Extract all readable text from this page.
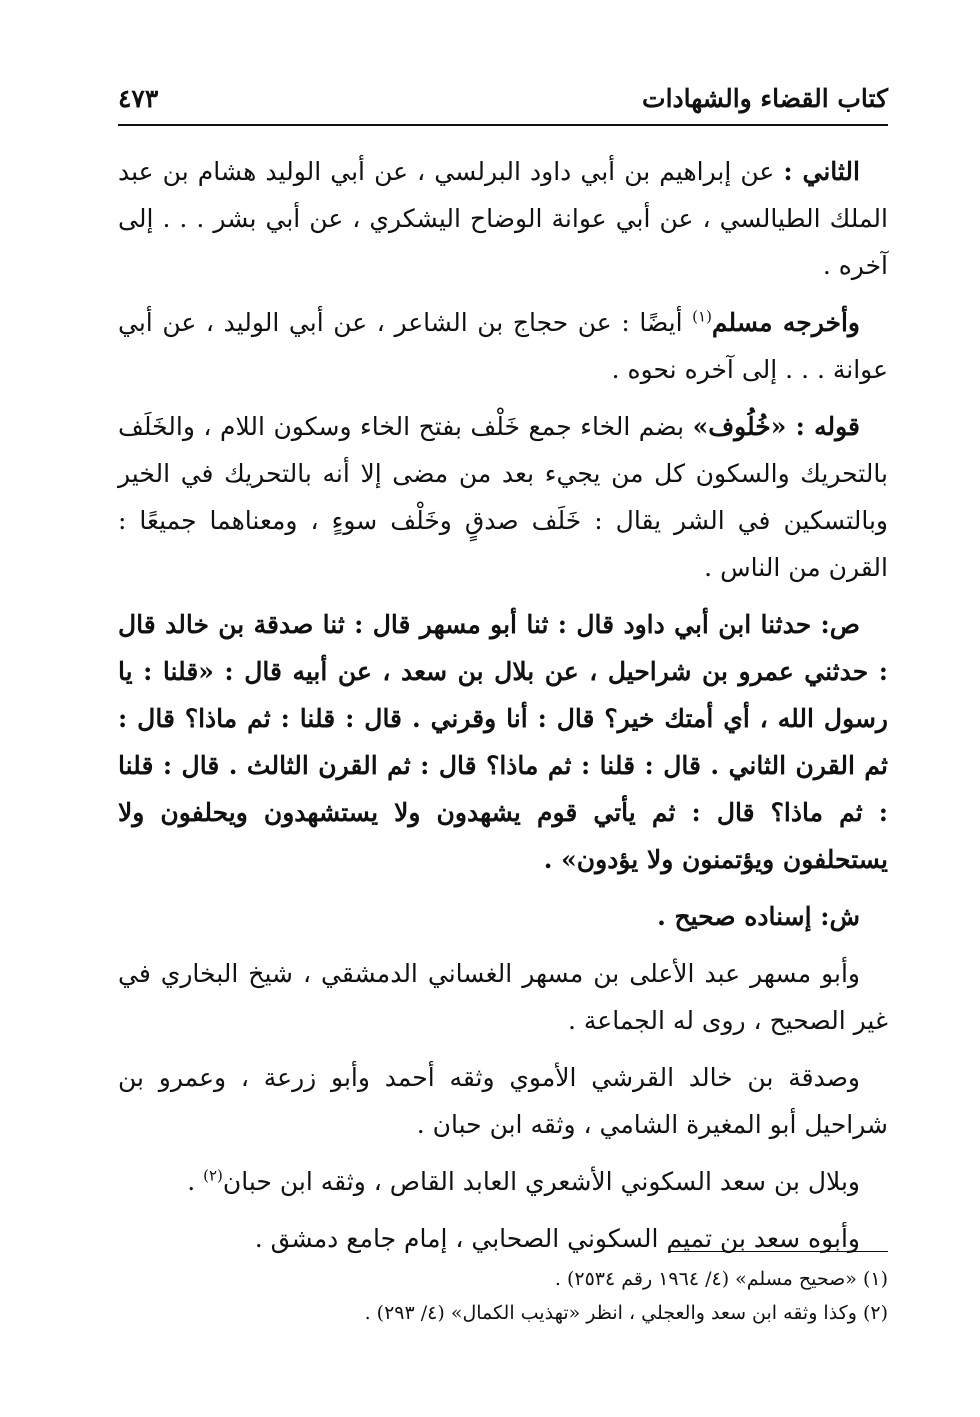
كتاب القضاء والشهادات
٤٧٣

الثاني : عن إبراهيم بن أبي داود البرلسي ، عن أبي الوليد هشام بن عبد الملك الطيالسي ، عن أبي عوانة الوضاح اليشكري ، عن أبي بشر . . . إلى آخره .

وأخرجه مسلم$^{(١)}$ أيضًا : عن حجاج بن الشاعر ، عن أبي الوليد ، عن أبي عوانة . . . إلى آخره نحوه .

قوله : «خُلُوف» بضم الخاء جمع خَلْف بفتح الخاء وسكون اللام ، والخَلَف بالتحريك والسكون كل من يجيء بعد من مضى إلا أنه بالتحريك في الخير وبالتسكين في الشر يقال : خَلَف صدقٍ وخَلْف سوءٍ ، ومعناهما جميعًا : القرن من الناس .

ص: حدثنا ابن أبي داود قال : ثنا أبو مسهر قال : ثنا صدقة بن خالد قال : حدثني عمرو بن شراحيل ، عن بلال بن سعد ، عن أبيه قال : «قلنا : يا رسول الله ، أي أمتك خير؟ قال : أنا وقرني . قال : قلنا : ثم ماذا؟ قال : ثم القرن الثاني . قال : قلنا : ثم ماذا؟ قال : ثم القرن الثالث . قال : قلنا : ثم ماذا؟ قال : ثم يأتي قوم يشهدون ولا يستشهدون ويحلفون ولا يستحلفون ويؤتمنون ولا يؤدون» .

ش: إسناده صحيح .

وأبو مسهر عبد الأعلى بن مسهر الغساني الدمشقي ، شيخ البخاري في غير الصحيح ، روى له الجماعة .

وصدقة بن خالد القرشي الأموي وثقه أحمد وأبو زرعة ، وعمرو بن شراحيل أبو المغيرة الشامي ، وثقه ابن حبان .

وبلال بن سعد السكوني الأشعري العابد القاص ، وثقه ابن حبان$^{(٢)}$ .

وأبوه سعد بن تميم السكوني الصحابي ، إمام جامع دمشق .

(١) «صحيح مسلم» (٤/ ١٩٦٤ رقم ٢٥٣٤) .

(٢) وكذا وثقه ابن سعد والعجلي ، انظر «تهذيب الكمال» (٤/ ٢٩٣) .
